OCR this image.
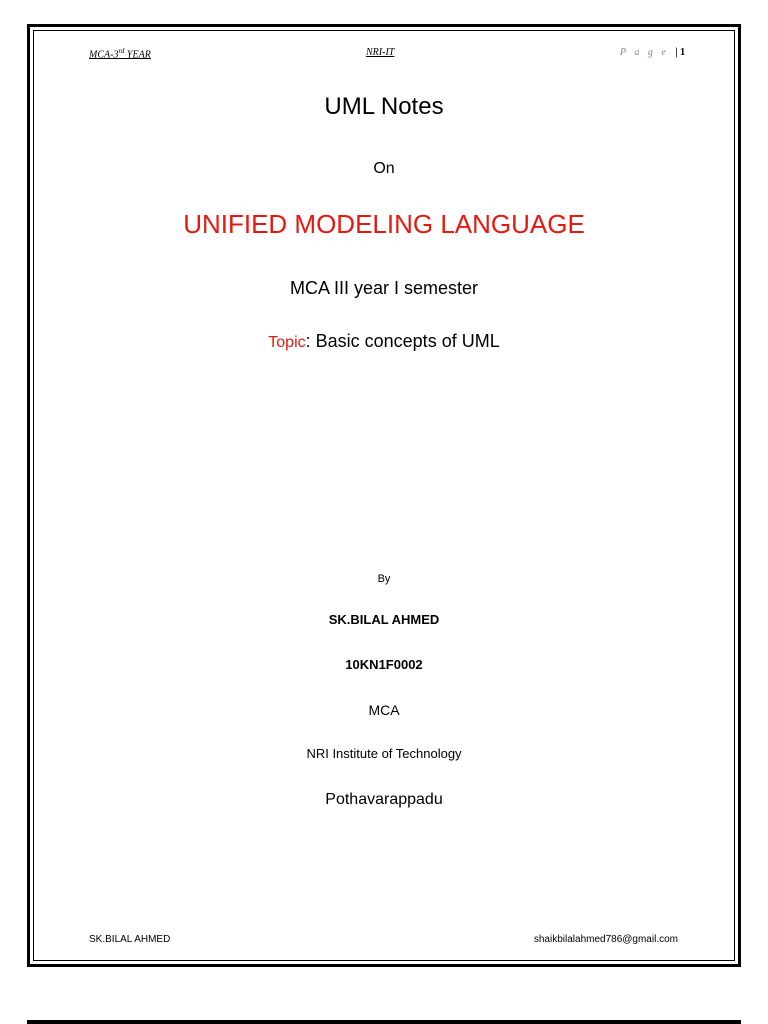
MCA-3rd YEAR	NRI-IT	P a g e | 1
UML Notes
On
UNIFIED MODELING LANGUAGE
MCA III year I semester
Topic: Basic concepts of UML
By
SK.BILAL AHMED
10KN1F0002
MCA
NRI Institute of Technology
Pothavarappadu
SK.BILAL AHMED	shaikbilalahmed786@gmail.com
